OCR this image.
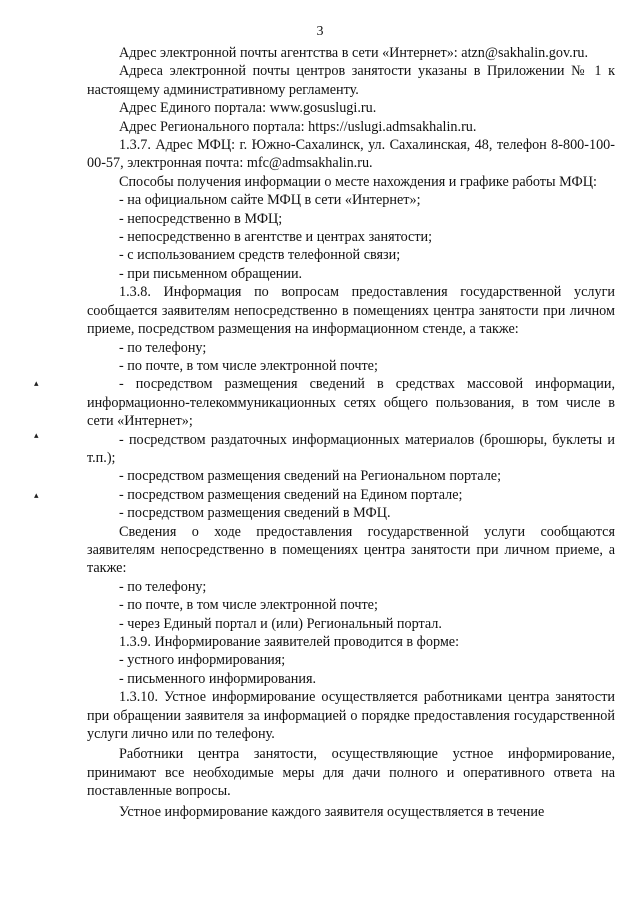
3
Адрес электронной почты агентства в сети «Интернет»: atzn@sakhalin.gov.ru.
Адреса электронной почты центров занятости указаны в Приложении № 1 к настоящему административному регламенту.
Адрес Единого портала: www.gosuslugi.ru.
Адрес Регионального портала: https://uslugi.admsakhalin.ru.
1.3.7. Адрес МФЦ: г. Южно-Сахалинск, ул. Сахалинская, 48, телефон 8-800-100-00-57, электронная почта: mfc@admsakhalin.ru.
Способы получения информации о месте нахождения и графике работы МФЦ:
- на официальном сайте МФЦ в сети «Интернет»;
- непосредственно в МФЦ;
- непосредственно в агентстве и центрах занятости;
- с использованием средств телефонной связи;
- при письменном обращении.
1.3.8. Информация по вопросам предоставления государственной услуги сообщается заявителям непосредственно в помещениях центра занятости при личном приеме, посредством размещения на информационном стенде, а также:
- по телефону;
- по почте, в том числе электронной почте;
- посредством размещения сведений в средствах массовой информации, информационно-телекоммуникационных сетях общего пользования, в том числе в сети «Интернет»;
- посредством раздаточных информационных материалов (брошюры, буклеты и т.п.);
- посредством размещения сведений на Региональном портале;
- посредством размещения сведений на Едином портале;
- посредством размещения сведений в МФЦ.
Сведения о ходе предоставления государственной услуги сообщаются заявителям непосредственно в помещениях центра занятости при личном приеме, а также:
- по телефону;
- по почте, в том числе электронной почте;
- через Единый портал и (или) Региональный портал.
1.3.9. Информирование заявителей проводится в форме:
- устного информирования;
- письменного информирования.
1.3.10. Устное информирование осуществляется работниками центра занятости при обращении заявителя за информацией о порядке предоставления государственной услуги лично или по телефону.
Работники центра занятости, осуществляющие устное информирование, принимают все необходимые меры для дачи полного и оперативного ответа на поставленные вопросы.
Устное информирование каждого заявителя осуществляется в течение
▴
▴
▴
